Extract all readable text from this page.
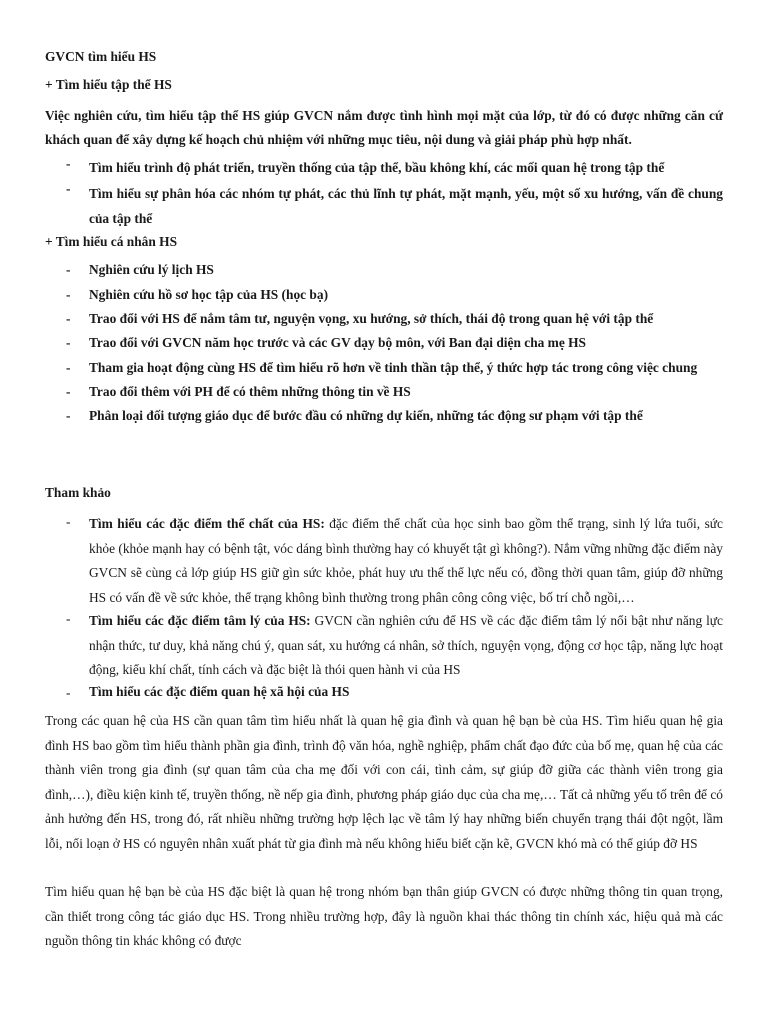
GVCN tìm hiểu HS
+ Tìm hiểu tập thể HS
Việc nghiên cứu, tìm hiểu tập thể HS giúp GVCN nắm được tình hình mọi mặt của lớp, từ đó có được những căn cứ khách quan để xây dựng kế hoạch chủ nhiệm với những mục tiêu, nội dung và giải pháp phù hợp nhất.
- Tìm hiểu trình độ phát triển, truyền thống của tập thể, bầu không khí, các mối quan hệ trong tập thể
- Tìm hiểu sự phân hóa các nhóm tự phát, các thủ lĩnh tự phát, mặt mạnh, yếu, một số xu hướng, vấn đề chung của tập thể
+ Tìm hiểu cá nhân HS
- Nghiên cứu lý lịch HS
- Nghiên cứu hồ sơ học tập của HS (học bạ)
- Trao đổi với HS để nắm tâm tư, nguyện vọng, xu hướng, sở thích, thái độ trong quan hệ với tập thể
- Trao đổi với GVCN năm học trước và các GV dạy bộ môn, với Ban đại diện cha mẹ HS
- Tham gia hoạt động cùng HS để tìm hiểu rõ hơn về tinh thần tập thể, ý thức hợp tác trong công việc chung
- Trao đổi thêm với PH để có thêm những thông tin về HS
- Phân loại đối tượng giáo dục để bước đầu có những dự kiến, những tác động sư phạm với tập thể
Tham khảo
- Tìm hiểu các đặc điểm thể chất của HS: đặc điểm thể chất của học sinh bao gồm thể trạng, sinh lý lứa tuổi, sức khỏe (khỏe mạnh hay có bệnh tật, vóc dáng bình thường hay có khuyết tật gì không?). Nắm vững những đặc điểm này GVCN sẽ cùng cả lớp giúp HS giữ gìn sức khỏe, phát huy ưu thế thể lực nếu có, đồng thời quan tâm, giúp đỡ những HS có vấn đề về sức khỏe, thể trạng không bình thường trong phân công công việc, bố trí chỗ ngồi,…
- Tìm hiểu các đặc điểm tâm lý của HS: GVCN cần nghiên cứu để HS về các đặc điểm tâm lý nổi bật như năng lực nhận thức, tư duy, khả năng chú ý, quan sát, xu hướng cá nhân, sở thích, nguyện vọng, động cơ học tập, năng lực hoạt động, kiểu khí chất, tính cách và đặc biệt là thói quen hành vi của HS
- Tìm hiểu các đặc điểm quan hệ xã hội của HS
Trong các quan hệ của HS cần quan tâm tìm hiểu nhất là quan hệ gia đình và quan hệ bạn bè của HS. Tìm hiểu quan hệ gia đình HS bao gồm tìm hiểu thành phần gia đình, trình độ văn hóa, nghề nghiệp, phẩm chất đạo đức của bố mẹ, quan hệ của các thành viên trong gia đình (sự quan tâm của cha mẹ đối với con cái, tình cảm, sự giúp đỡ giữa các thành viên trong gia đình,…), điều kiện kinh tế, truyền thống, nề nếp gia đình, phương pháp giáo dục của cha mẹ,… Tất cả những yếu tố trên để có ảnh hưởng đến HS, trong đó, rất nhiều những trường hợp lệch lạc về tâm lý hay những biến chuyển trạng thái đột ngột, lầm lỗi, nổi loạn ở HS có nguyên nhân xuất phát từ gia đình mà nếu không hiểu biết cặn kẽ, GVCN khó mà có thể giúp đỡ HS
Tìm hiểu quan hệ bạn bè của HS đặc biệt là quan hệ trong nhóm bạn thân giúp GVCN có được những thông tin quan trọng, cần thiết trong công tác giáo dục HS. Trong nhiều trường hợp, đây là nguồn khai thác thông tin chính xác, hiệu quả mà các nguồn thông tin khác không có được
